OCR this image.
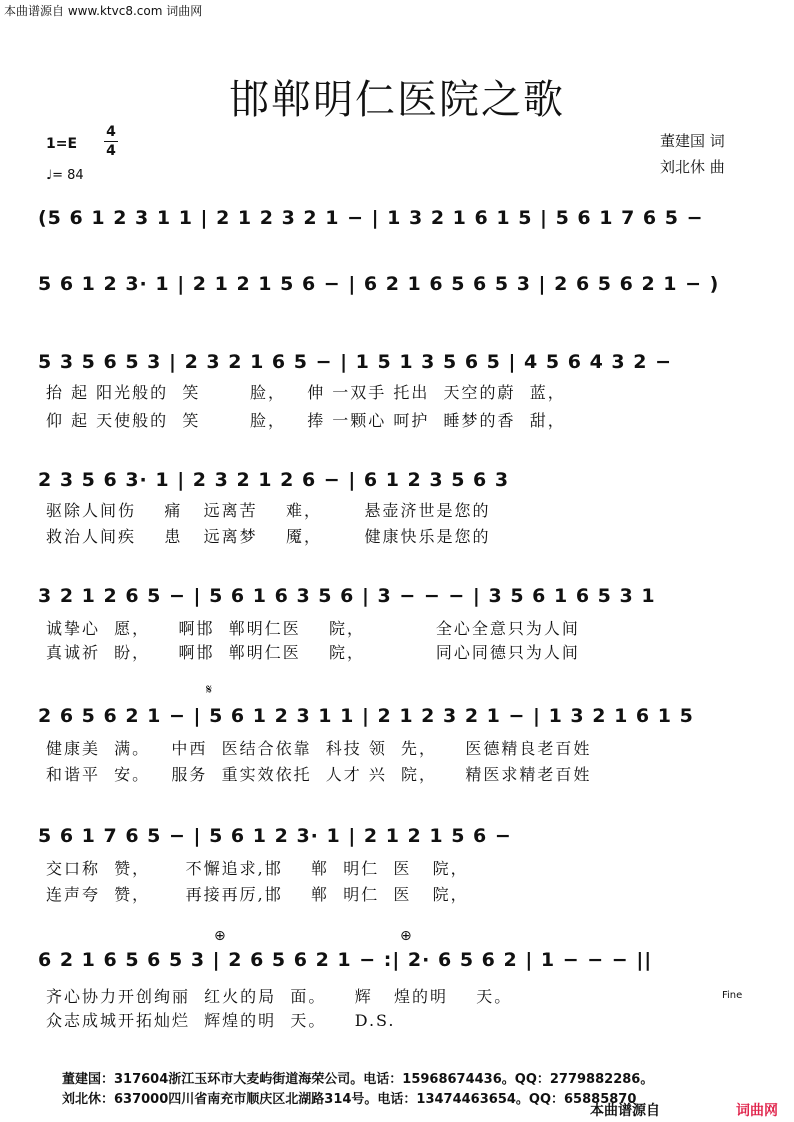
本曲谱源自 www.ktvc8.com 词曲网
邯郸明仁医院之歌
1=E
4
4
♩= 84
董建国 词
刘北休 曲
(5 6 1 2 3 1 1 | 2 1 2 3 2 1 − | 1 3 2 1 6 1 5 | 5 6 1 7 6 5 −
5 6 1 2 3· 1 | 2 1 2 1 5 6 − | 6 2 1 6 5 6 5 3 | 2 6 5 6 2 1 − )
5 3 5 6 5 3 | 2 3 2 1 6 5 − | 1 5 1 3 5 6 5 | 4 5 6 4 3 2 −
抬 起 阳光般的  笑       脸，   伸 一双手 托出  天空的蔚  蓝，
仰 起 天使般的  笑       脸，   捧 一颗心 呵护  睡梦的香  甜，
2 3 5 6 3· 1 | 2 3 2 1 2 6 − | 6 1 2 3 5 6 3
驱除人间伤    痛   远离苦    难，      悬壶济世是您的
救治人间疾    患   远离梦    魇，      健康快乐是您的
3 2 1 2 6 5 − | 5 6 1 6 3 5 6 | 3 − − − | 3 5 6 1 6 5 3 1
诚挚心  愿，    啊邯  郸明仁医    院，          全心全意只为人间
真诚祈  盼，    啊邯  郸明仁医    院，          同心同德只为人间
2 6 5 6 2 1 − | 5 6 1 2 3 1 1 | 2 1 2 3 2 1 − | 1 3 2 1 6 1 5
健康美  满。   中西  医结合依靠  科技 领  先，    医德精良老百姓
和谐平  安。   服务  重实效依托  人才 兴  院，    精医求精老百姓
𝄋
5 6 1 7 6 5 − | 5 6 1 2 3· 1 | 2 1 2 1 5 6 −
交口称  赞，     不懈追求,邯    郸  明仁  医   院，
连声夸  赞，     再接再厉,邯    郸  明仁  医   院，
6 2 1 6 5 6 5 3 | 2 6 5 6 2 1 − :| 2· 6 5 6 2 | 1 − − − ||
齐心协力开创绚丽  红火的局  面。    辉   煌的明    天。
众志成城开拓灿烂  辉煌的明  天。    D.S.
Fine
⊕	⊕
董建国：317604浙江玉环市大麦屿街道海荣公司。电话：15968674436。QQ：2779882286。
刘北休：637000四川省南充市顺庆区北湖路314号。电话：13474463654。QQ：65885870
本曲谱源自	词曲网
